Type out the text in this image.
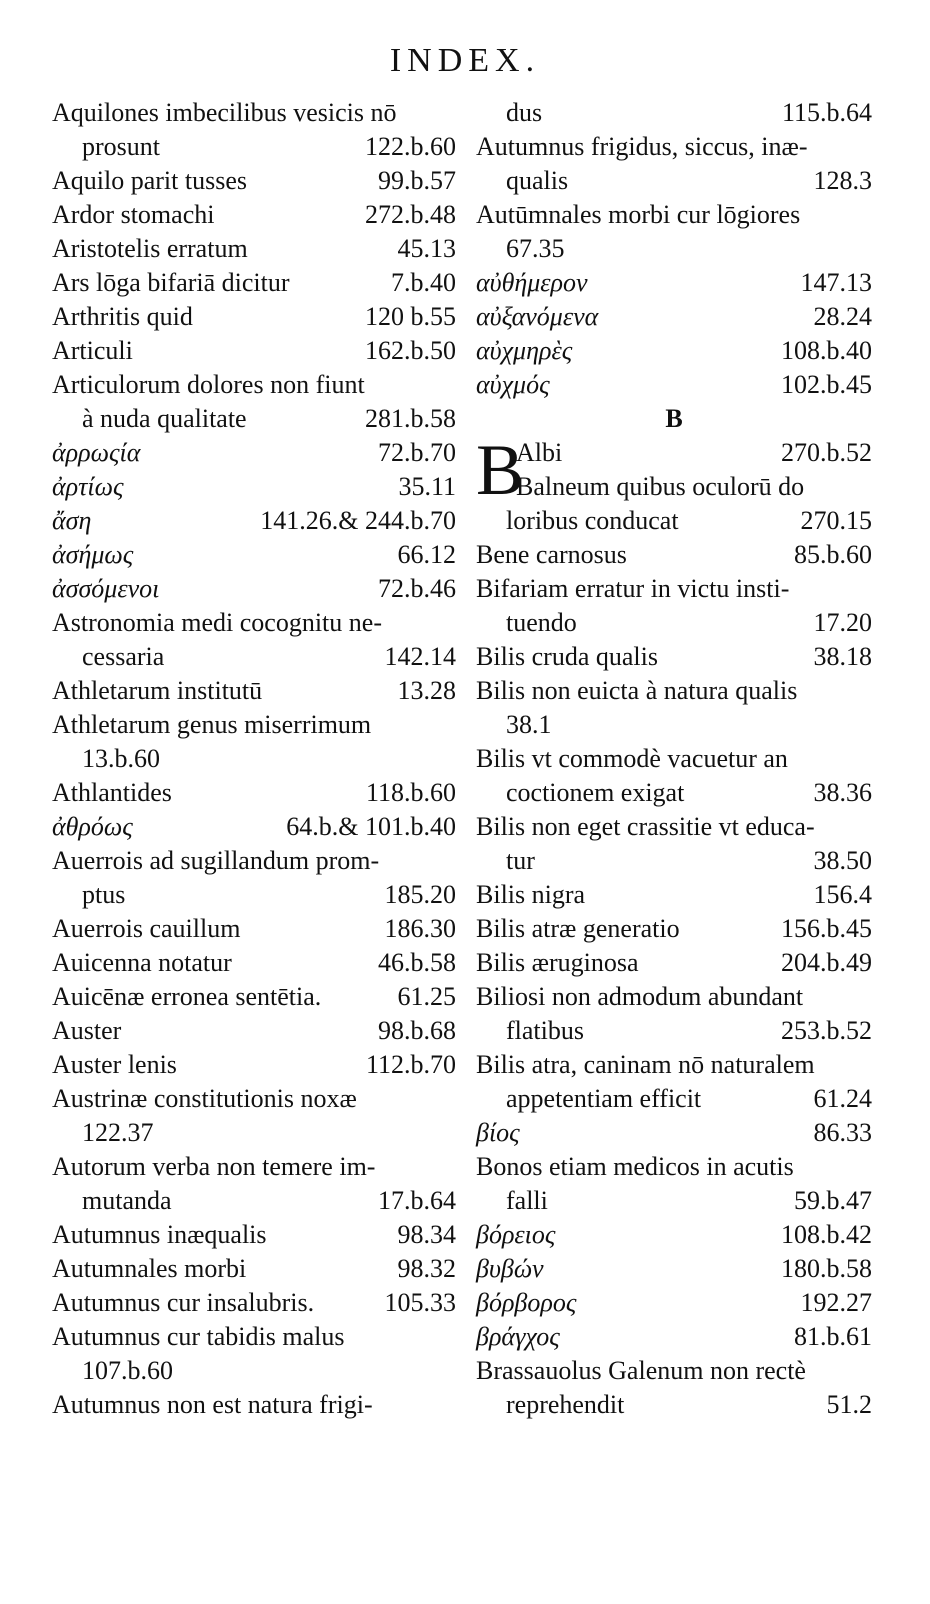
INDEX.
Aquilones imbecilibus vesicis nō
prosunt	122.b.60
Aquilo parit tusses	99.b.57
Ardor stomachi	272.b.48
Aristotelis erratum	45.13
Ars lōga bifariā dicitur	7.b.40
Arthritis quid	120 b.55
Articuli	162.b.50
Articulorum dolores non fiunt
à nuda qualitate	281.b.58
ἀρρωςία	72.b.70
ἀρτίως	35.11
ἄση	141.26.& 244.b.70
ἀσήμως	66.12
ἀσσόμενοι	72.b.46
Astronomia medi cocognitu ne-
cessaria	142.14
Athletarum institutū	13.28
Athletarum genus miserrimum
13.b.60
Athlantides	118.b.60
ἀθρόως	64.b.& 101.b.40
Auerrois ad sugillandum prom-
ptus	185.20
Auerrois cauillum	186.30
Auicenna notatur	46.b.58
Auicēnæ erronea sentētia.	61.25
Auster	98.b.68
Auster lenis	112.b.70
Austrinæ constitutionis noxæ
122.37
Autorum verba non temere im-
mutanda	17.b.64
Autumnus inæqualis	98.34
Autumnales morbi	98.32
Autumnus cur insalubris.	105.33
Autumnus cur tabidis malus
107.b.60
Autumnus non est natura frigi-
dus	115.b.64
Autumnus frigidus, siccus, inæ-
qualis	128.3
Autūmnales morbi cur lōgiores
67.35
αὐθήμερον	147.13
αὐξανόμενα	28.24
αὐχμηρὲς	108.b.40
αὐχμός	102.b.45
B
B
Albi	270.b.52
Balneum quibus oculorū do
loribus conducat	270.15
Bene carnosus	85.b.60
Bifariam erratur in victu insti-
tuendo	17.20
Bilis cruda qualis	38.18
Bilis non euicta à natura qualis
38.1
Bilis vt commodè vacuetur an
coctionem exigat	38.36
Bilis non eget crassitie vt educa-
tur	38.50
Bilis nigra	156.4
Bilis atræ generatio	156.b.45
Bilis æruginosa	204.b.49
Biliosi non admodum abundant
flatibus	253.b.52
Bilis atra, caninam nō naturalem
appetentiam efficit	61.24
βίος	86.33
Bonos etiam medicos in acutis
falli	59.b.47
βόρειος	108.b.42
βυβών	180.b.58
βόρβορος	192.27
βράγχος	81.b.61
Brassauolus Galenum non rectè
reprehendit	51.2
